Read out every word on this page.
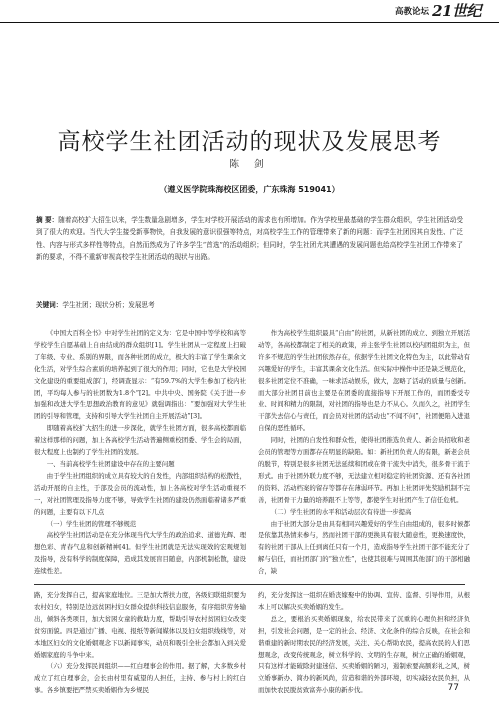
高教论坛 21世纪
高校学生社团活动的现状及发展思考
陈 剑
（遵义医学院珠海校区团委，广东珠海 519041）
摘 要：随着高校扩大招生以来，学生数量急剧增多，学生对学校开展活动的需求也有所增加。作为学校里最基础的学生群众组织，学生社团活动受到了很大的欢迎。当代大学生接受新事物快，自我发展的意识很强等特点，对高校学生工作的管理带来了新的问题：而学生社团因其自发性、广泛性、内容与形式多样性等特点，自然而然成为了许多学生“首选”的活动组织；但同时，学生社团尤其遭遇的发展问题也给高校学生社团工作带来了新的要求，不得不重新审视高校学生社团活动的现状与出路。
关键词：学生社团；现状分析；发展思考

《中国大百科全书》中对学生社团的定义为：它是中国中等学校和高等学校学生自愿基础上自由结成的群众组织[1]。学生社团从一定程度上扫破了年级、专业、系别的界限，而各种社团的成立，极大的丰富了学生课余文化生活，对学生综合素质的培养起到了很大的作用；同时，它也是大学校园文化建设的重要组成部门，经调查显示：“有59.7%的大学生参加了校内社团，平均每人参与的社团数为1.8个”[2]。中共中央、国务院《关于进一步加强和改进大学生思想政治教育的意见》就强调指出：“要加强对大学生社团的引导和管理，支持和引导大学生社团自主开展活动”[3]。

即随着高校扩大招生的进一步深化，就学生社团方面，很多高校都面临着这样那样的问题，加上各高校学生活动普遍侧重校团委、学生会的局面，很大程度上也制约了学生社团的发展。

一、当前高校学生社团建设中存在的主要问题

由于学生社团组织的成立具有较大的自发性，内部组织结构的松散性，活动开展的自主性，于部及会员的流动性，加上各高校对学生活动重视不一，对社团管理及指导力度不够，导致学生社团的建设仍然面临着诸多严重的问题，主要有以下几点

（一）学生社团的管理不够规范

高校学生社团活动是在充分体现当代大学生的政治追求、道德光辉、理想色彩、青春气息和创新精神[4]。但学生社团就是无法实现效的宏观规划及指导，没有科学的制度保障，造成其发展盲目随意，内部机制松散，建设连续性差。

作为高校学生组织最具“自由”的社团，从新社团的成立、到独立开展活动等，各高校都制定了相关的政策，并主张学生社团以校内团组织为主，但许多不规范的学生社团依然存在，依据学生社团文化特色为主，以此带动有兴趣爱好的学生，丰富其课余文化生活。但实际中操作中还是缺乏规范化，很多社团定位不准确，一味求活动娱乐，做大，忽略了活动的质量与创新。而大部分社团目前也主要是在团委的直接指导下开展工作的，而团委受专业、时间和精力的限制，对社团的指导也是力不从心。久而久之，社团学生干部失去信心与责任，而会员对社团的活动也“不闻不问”，社团便陷入进退自保的恶性循环。

同时，社团的自发性和群众性，使得社团推选负责人、新会员招收和老会员的管理等方面都存在明显的缺陷。如：新社团负责人的有限，新老会员的脱节，特别是很多社团无法延续和团或在骨干流失中消失，很多骨干流于形式。由于社团外联力度不够，无法建立相对稳定的社团资源、还有各社团的资料、活动档案的留存等都存在薄弱环节。再加上社团评先奖励机制不完善，社团骨干力量的培养跟不上等等，都使学生对社团产生了信任危机。

（二）学生社团的水平和活动层次有待进一步提高

由于社团大部分是由具有相同兴趣爱好的学生自由组成的，很多时候都是依靠其热情来参与，然而社团干部的更换具有很大随意性，更换速度快，有的社团干部从上任到离任只有一个月，造成指导学生社团干部不能充分了解与信任，而社团部门的“独立性”，也使其很难与周围其他部门的干部相融合，缺

路，充分发挥自己，提高家庭地位。三是加大帮扶力度，各级妇联组织要为农村妇女，特别是边远贫困村妇女群众提供科技信息服务，有序组织劳务输出，倾斜各类项目，加大贫困女童的救助力度，帮助引导农村贫困妇女改变贫穷面貌。四是通过广播、电视、报纸等新闻媒体以及妇女组织线线等，对本地区妇女的文化婚姻观念下以新闻事实，动员和吸引全社会都加入到关爱婚姻家庭的斗争中来。

（六）充分发挥民间组织——红白理事会的作用。据了解，大多数乡村成立了红白理事会，会长由村里有威望的人担任，主持、参与村上的红白事。各乡镇要把严禁买卖婚姻作为乡规民

约，充分发挥这一组织在婚丧嫁娶中的协调、宣传、监督、引导作用，从根本上可以解决买卖婚姻的发生。

总之，要根治买卖婚姻现象，给农民带来了沉重的心理负担和经济负担，引发社会问题，是一定的社会、经济、文化条件的综合反映，在社会和谐重建的新时期农民的经济发展，关注、关心帮助农民，提高农民的人们思想观念，改变传统观念，树立科学的、文明的生存观，树立正确的婚姻观，只有这样才能破除封建迷信、买卖婚姻的陋习，遏制索要高额彩礼之风，树立婚事新办、简办的新风尚，营造和谐的外部环境，切实减轻农民负担，从而加快农民脱贫致富奔小康的新步伐。	77
